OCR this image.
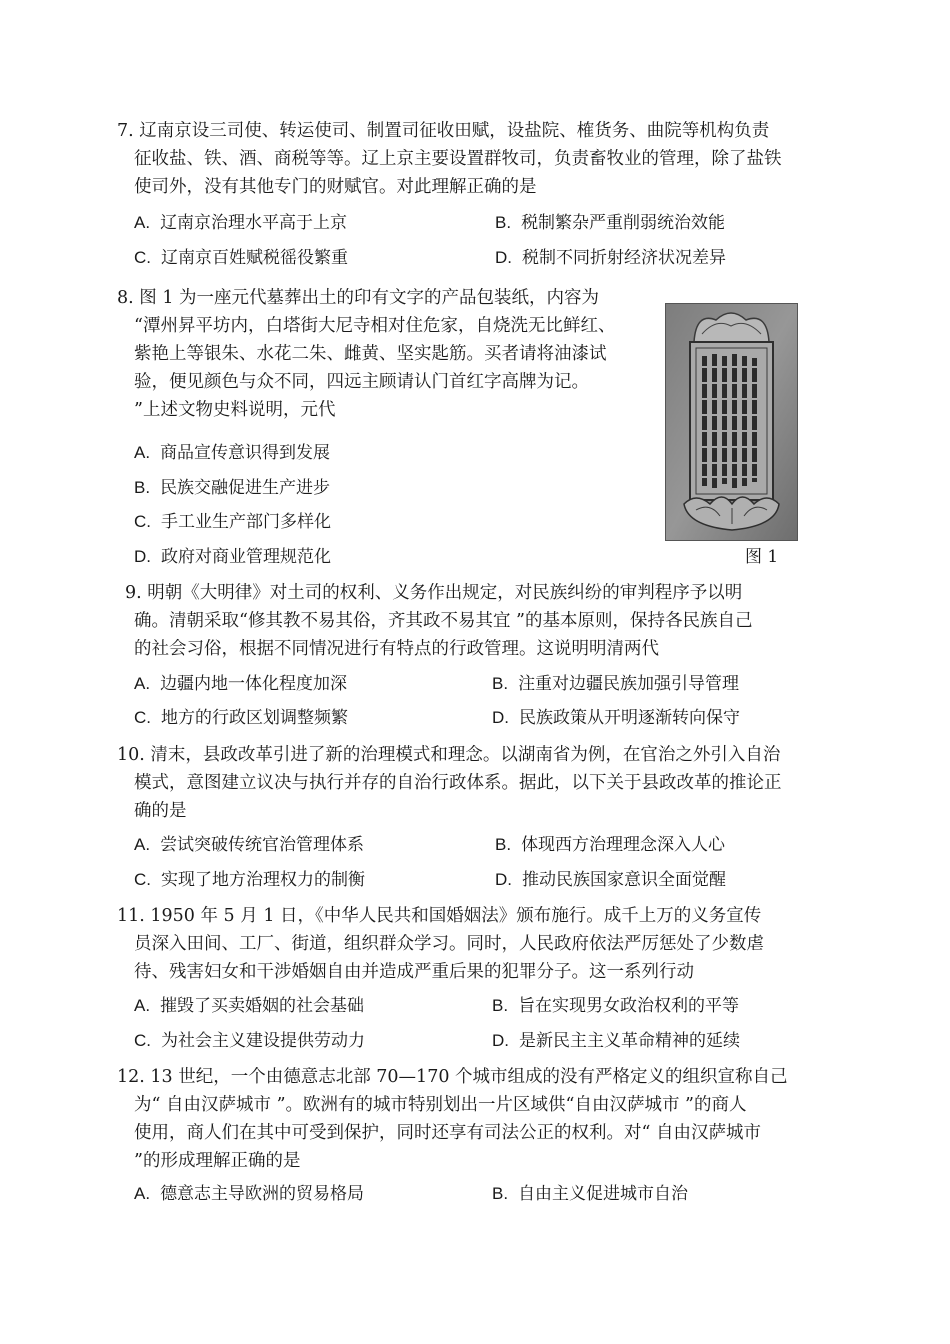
7. 辽南京设三司使、转运使司、制置司征收田赋，设盐院、榷货务、曲院等机构负责
征收盐、铁、酒、商税等等。辽上京主要设置群牧司，负责畜牧业的管理，除了盐铁
使司外，没有其他专门的财赋官。对此理解正确的是

A. 辽南京治理水平高于上京	B. 税制繁杂严重削弱统治效能
C. 辽南京百姓赋税徭役繁重	D. 税制不同折射经济状况差异

8. 图 1 为一座元代墓葬出土的印有文字的产品包装纸，内容为
“潭州昇平坊内，白塔街大尼寺相对住危家，自烧洗无比鲜红、
紫艳上等银朱、水花二朱、雌黄、坚实匙筋。买者请将油漆试
验，便见颜色与众不同，四远主顾请认门首红字高牌为记。
”上述文物史料说明，元代

A. 商品宣传意识得到发展
B. 民族交融促进生产进步
C. 手工业生产部门多样化
D. 政府对商业管理规范化	图 1

9. 明朝《大明律》对土司的权利、义务作出规定，对民族纠纷的审判程序予以明
确。清朝采取“修其教不易其俗，齐其政不易其宜 ”的基本原则，保持各民族自己
的社会习俗，根据不同情况进行有特点的行政管理。这说明明清两代

A. 边疆内地一体化程度加深	B. 注重对边疆民族加强引导管理
C. 地方的行政区划调整频繁	D. 民族政策从开明逐渐转向保守

10. 清末，县政改革引进了新的治理模式和理念。以湖南省为例，在官治之外引入自治
模式，意图建立议决与执行并存的自治行政体系。据此，以下关于县政改革的推论正
确的是

A. 尝试突破传统官治管理体系	B. 体现西方治理理念深入人心
C. 实现了地方治理权力的制衡	D. 推动民族国家意识全面觉醒

11. 1950 年 5 月 1 日，《中华人民共和国婚姻法》颁布施行。成千上万的义务宣传
员深入田间、工厂、街道，组织群众学习。同时，人民政府依法严厉惩处了少数虐
待、残害妇女和干涉婚姻自由并造成严重后果的犯罪分子。这一系列行动

A. 摧毁了买卖婚姻的社会基础	B. 旨在实现男女政治权利的平等
C. 为社会主义建设提供劳动力	D. 是新民主主义革命精神的延续

12. 13 世纪，一个由德意志北部 70—170 个城市组成的没有严格定义的组织宣称自己
为“ 自由汉萨城市 ”。欧洲有的城市特别划出一片区域供“自由汉萨城市 ”的商人
使用，商人们在其中可受到保护，同时还享有司法公正的权利。对“ 自由汉萨城市
”的形成理解正确的是

A. 德意志主导欧洲的贸易格局	B. 自由主义促进城市自治
